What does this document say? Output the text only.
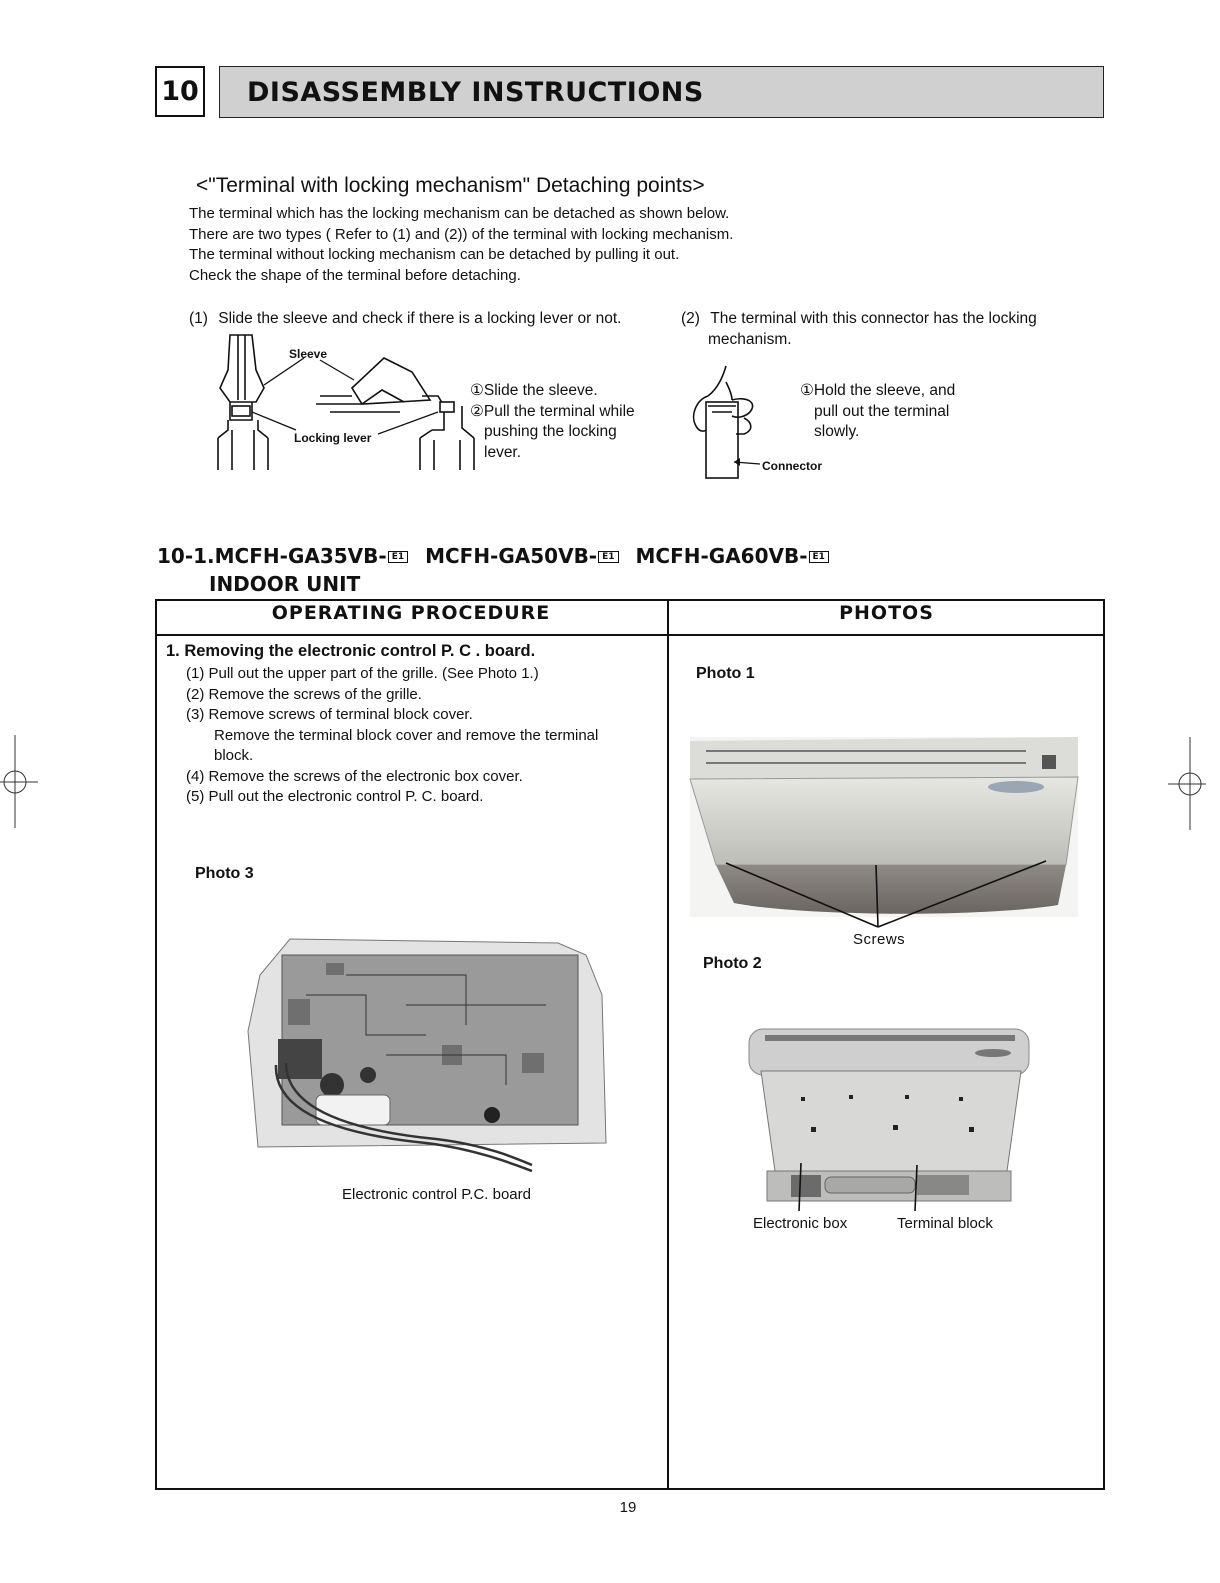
10	DISASSEMBLY INSTRUCTIONS
<"Terminal with locking mechanism" Detaching points>
The terminal which has the locking mechanism can be detached as shown below.
There are two types ( Refer to (1) and (2)) of the terminal with locking mechanism.
The terminal without locking mechanism can be detached by pulling it out.
Check the shape of the terminal before detaching.
(1) Slide the sleeve and check if there is a locking lever or not.
Sleeve
Locking lever
①Slide the sleeve.
②Pull the terminal while
pushing the locking
lever.
(2) The terminal with this connector has the locking
mechanism.
Connector
①Hold the sleeve, and
pull out the terminal
slowly.
10-1.MCFH-GA35VB- E1 MCFH-GA50VB- E1 MCFH-GA60VB- E1
INDOOR UNIT
OPERATING PROCEDURE	PHOTOS
1. Removing the electronic control P. C . board.
(1) Pull out the upper part of the grille. (See Photo 1.)
(2) Remove the screws of the grille.
(3) Remove screws of terminal block cover.
Remove the terminal block cover and remove the terminal
block.
(4) Remove the screws of the electronic box cover.
(5) Pull out the electronic control P. C. board.
Photo 1
Screws
Photo 2
Electronic box	Terminal block
Photo 3
Electronic control P.C. board
19
